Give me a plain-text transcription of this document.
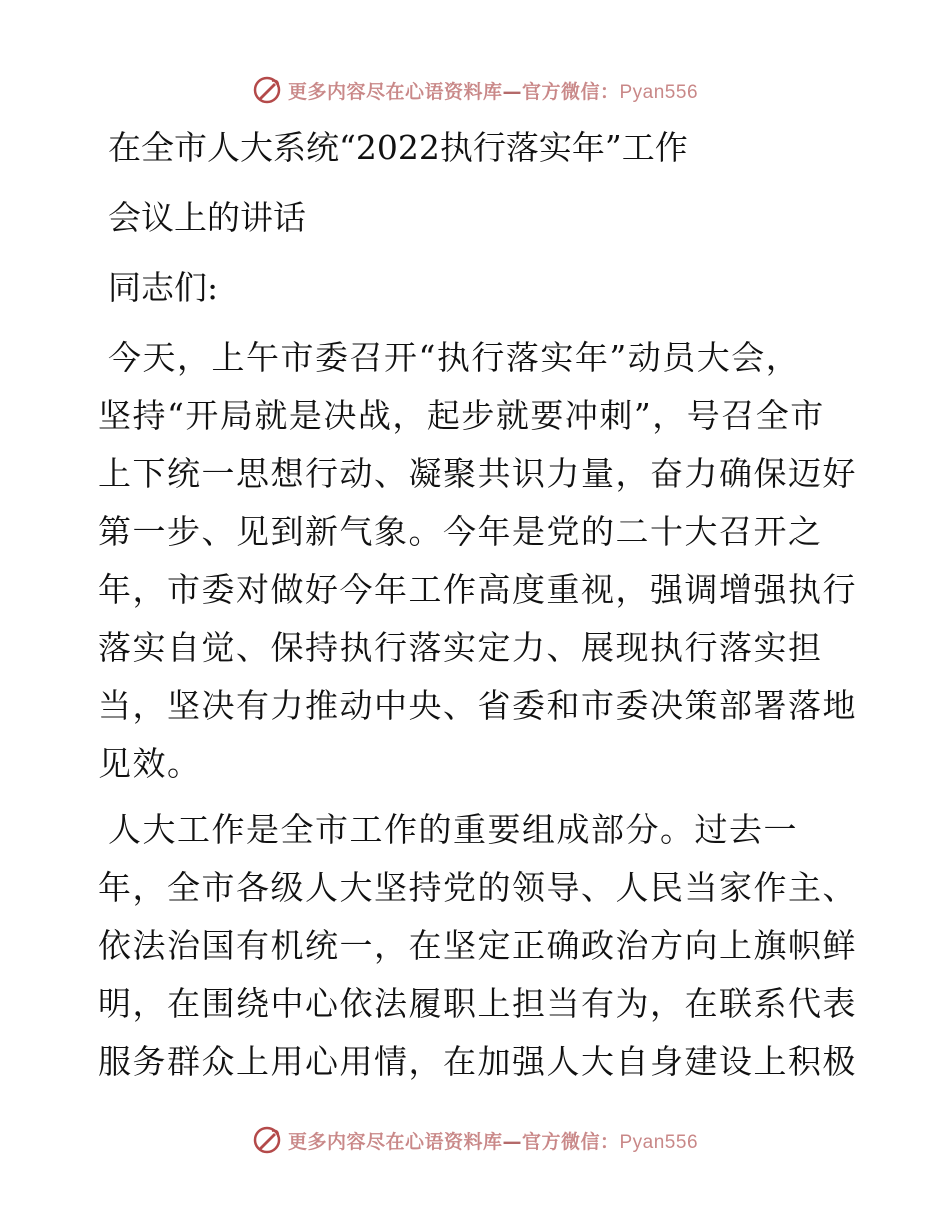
更多内容尽在心语资料库—官方微信：Pyan556

在全市人大系统“2022执行落实年”工作

会议上的讲话

同志们:

今天，上午市委召开“执行落实年”动员大会，
坚持“开局就是决战，起步就要冲刺”，号召全市
上下统一思想行动、凝聚共识力量，奋力确保迈好
第一步、见到新气象。今年是党的二十大召开之
年，市委对做好今年工作高度重视，强调增强执行
落实自觉、保持执行落实定力、展现执行落实担
当，坚决有力推动中央、省委和市委决策部署落地
见效。
人大工作是全市工作的重要组成部分。过去一
年，全市各级人大坚持党的领导、人民当家作主、
依法治国有机统一，在坚定正确政治方向上旗帜鲜
明，在围绕中心依法履职上担当有为，在联系代表
服务群众上用心用情，在加强人大自身建设上积极
更多内容尽在心语资料库—官方微信：Pyan556
